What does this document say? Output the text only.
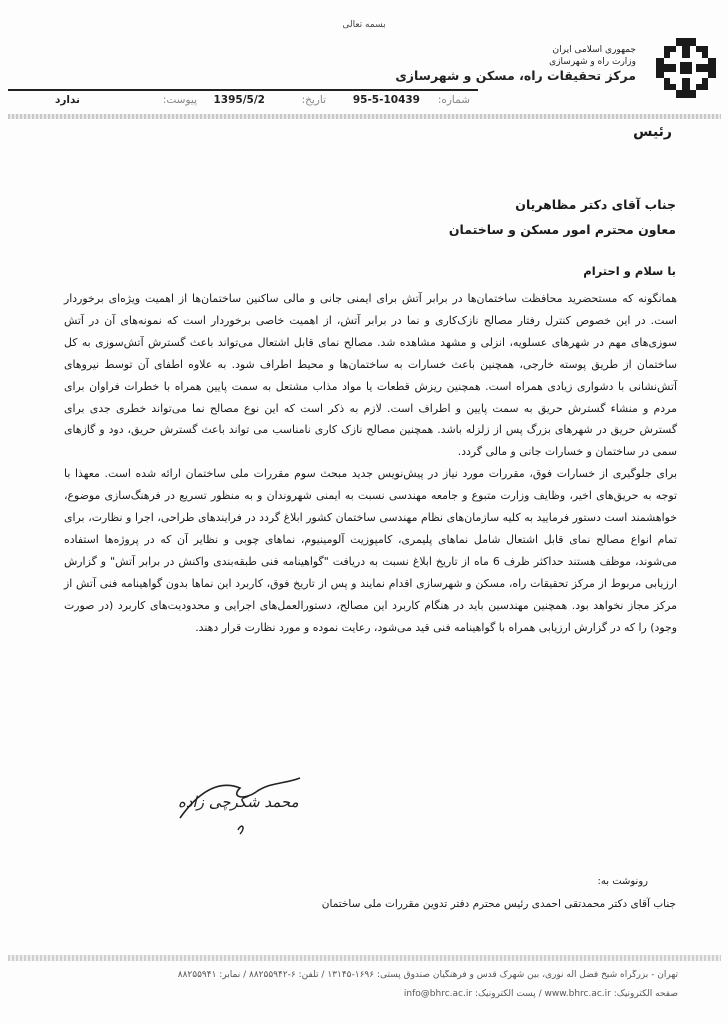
بسمه تعالی
جمهوری اسلامی ایران
وزارت راه و شهرسازی
مرکز تحقیقات راه، مسکن و شهرسازی
شماره:
95-5-10439
تاریخ:
1395/5/2
پیوست:
ندارد
رئیس
جناب آقای دکتر مظاهریان
معاون محترم امور مسکن و ساختمان
با سلام و احترام

همانگونه که مستحضرید محافظت ساختمان‌ها در برابر آتش برای ایمنی جانی و مالی ساکنین ساختمان‌ها از اهمیت ویژه‌ای برخوردار است. در این خصوص کنترل رفتار مصالح نازک‌کاری و نما در برابر آتش، از اهمیت خاصی برخوردار است که نمونه‌های آن در آتش سوزی‌های مهم در شهرهای عسلویه، انزلی و مشهد مشاهده شد. مصالح نمای قابل اشتعال می‌تواند باعث گسترش آتش‌سوزی به کل ساختمان از طریق پوسته خارجی، همچنین باعث خسارات به ساختمان‌ها و محیط اطراف شود. به علاوه اطفای آن توسط نیروهای آتش‌نشانی با دشواری زیادی همراه است. همچنین ریزش قطعات یا مواد مذاب مشتعل به سمت پایین همراه با خطرات فراوان برای مردم و منشاء گسترش حریق به سمت پایین و اطراف است. لازم به ذکر است که این نوع مصالح نما می‌تواند خطری جدی برای گسترش حریق در شهرهای بزرگ پس از زلزله باشد. همچنین مصالح نازک کاری نامناسب می تواند باعث گسترش حریق، دود و گازهای سمی در ساختمان و خسارات جانی و مالی گردد.

برای جلوگیری از خسارات فوق، مقررات مورد نیاز در پیش‌نویس جدید مبحث سوم مقررات ملی ساختمان ارائه شده است. معهذا با توجه به حریق‌های اخیر، وظایف وزارت متبوع و جامعه مهندسی نسبت به ایمنی شهروندان و به منظور تسریع در فرهنگ‌سازی موضوع، خواهشمند است دستور فرمایید به کلیه سازمان‌های نظام مهندسی ساختمان کشور ابلاغ گردد در فرایندهای طراحی، اجرا و نظارت، برای تمام انواع مصالح نمای قابل اشتعال شامل نماهای پلیمری، کامپوزیت آلومینیوم، نماهای چوبی و نظایر آن که در پروژه‌ها استفاده می‌شوند، موظف هستند حداکثر ظرف 6 ماه از تاریخ ابلاغ نسبت به دریافت "گواهینامه فنی طبقه‌بندی واکنش در برابر آتش" و گزارش ارزیابی مربوط از مرکز تحقیقات راه، مسکن و شهرسازی اقدام نمایند و پس از تاریخ فوق، کاربرد این نماها بدون گواهینامه فنی آتش از مرکز مجاز نخواهد بود. همچنین مهندسین باید در هنگام کاربرد این مصالح، دستورالعمل‌های اجرایی و محدودیت‌های کاربرد (در صورت وجود) را که در گزارش ارزیابی همراه با گواهینامه فنی قید می‌شود، رعایت نموده و مورد نظارت قرار دهند.

محمد شکرچی زاده
رونوشت به:
جناب آقای دکتر محمدتقی احمدی رئیس محترم دفتر تدوین مقررات ملی ساختمان
تهران - بزرگراه شیخ فضل اله نوری، بین شهرک قدس و فرهنگیان صندوق پستی: ۱۶۹۶-۱۳۱۴۵ / تلفن: ۶-۸۸۲۵۵۹۴۲ / نمابر: ۸۸۲۵۵۹۴۱
صفحه الکترونیک: www.bhrc.ac.ir / پست الکترونیک: info@bhrc.ac.ir
